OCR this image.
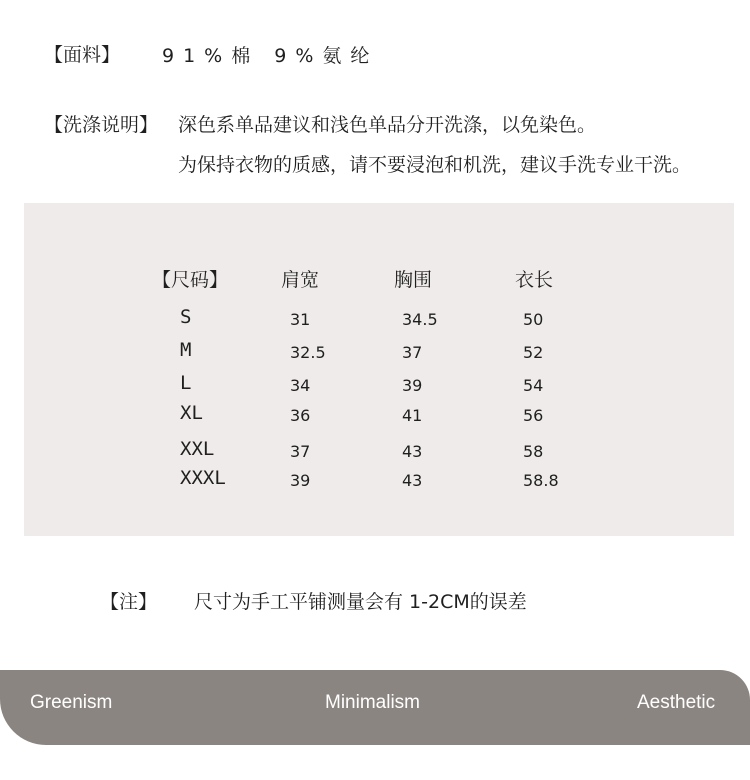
【面料】 91%棉 9%氨纶
【洗涤说明】 深色系单品建议和浅色单品分开洗涤，以免染色。
为保持衣物的质感，请不要浸泡和机洗，建议手洗专业干洗。
【尺码】	肩宽	胸围	衣长
S	31	34.5	50
M	32.5	37	52
L	34	39	54
XL	36	41	56
XXL	37	43	58
XXXL	39	43	58.8
【注】 尺寸为手工平铺测量会有 1-2CM的误差
Greenism	Minimalism	Aesthetic
